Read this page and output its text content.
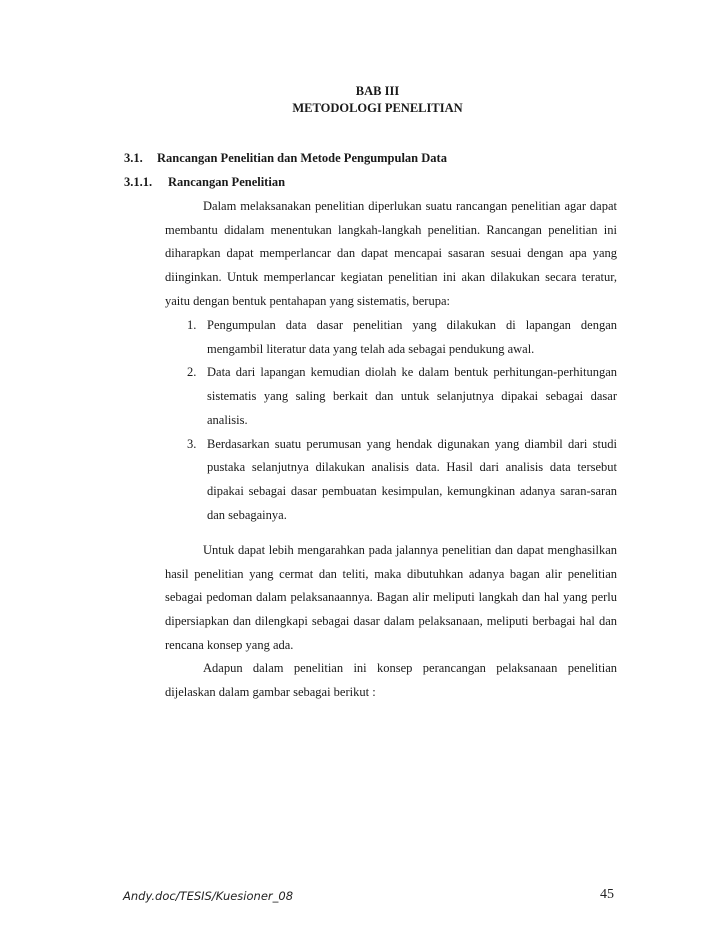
BAB III
METODOLOGI PENELITIAN
3.1. Rancangan Penelitian dan Metode Pengumpulan Data
3.1.1. Rancangan Penelitian

Dalam melaksanakan penelitian diperlukan suatu rancangan penelitian agar dapat membantu didalam menentukan langkah-langkah penelitian. Rancangan penelitian ini diharapkan dapat memperlancar dan dapat mencapai sasaran sesuai dengan apa yang diinginkan. Untuk memperlancar kegiatan penelitian ini akan dilakukan secara teratur, yaitu dengan bentuk pentahapan yang sistematis, berupa:

1. Pengumpulan data dasar penelitian yang dilakukan di lapangan dengan mengambil literatur data yang telah ada sebagai pendukung awal.
2. Data dari lapangan kemudian diolah ke dalam bentuk perhitungan-perhitungan sistematis yang saling berkait dan untuk selanjutnya dipakai sebagai dasar analisis.
3. Berdasarkan suatu perumusan yang hendak digunakan yang diambil dari studi pustaka selanjutnya dilakukan analisis data. Hasil dari analisis data tersebut dipakai sebagai dasar pembuatan kesimpulan, kemungkinan adanya saran-saran dan sebagainya.

Untuk dapat lebih mengarahkan pada jalannya penelitian dan dapat menghasilkan hasil penelitian yang cermat dan teliti, maka dibutuhkan adanya bagan alir penelitian sebagai pedoman dalam pelaksanaannya. Bagan alir meliputi langkah dan hal yang perlu dipersiapkan dan dilengkapi sebagai dasar dalam pelaksanaan, meliputi berbagai hal dan rencana konsep yang ada.

Adapun dalam penelitian ini konsep perancangan pelaksanaan penelitian dijelaskan dalam gambar sebagai berikut :

Andy.doc/TESIS/Kuesioner_08	45
